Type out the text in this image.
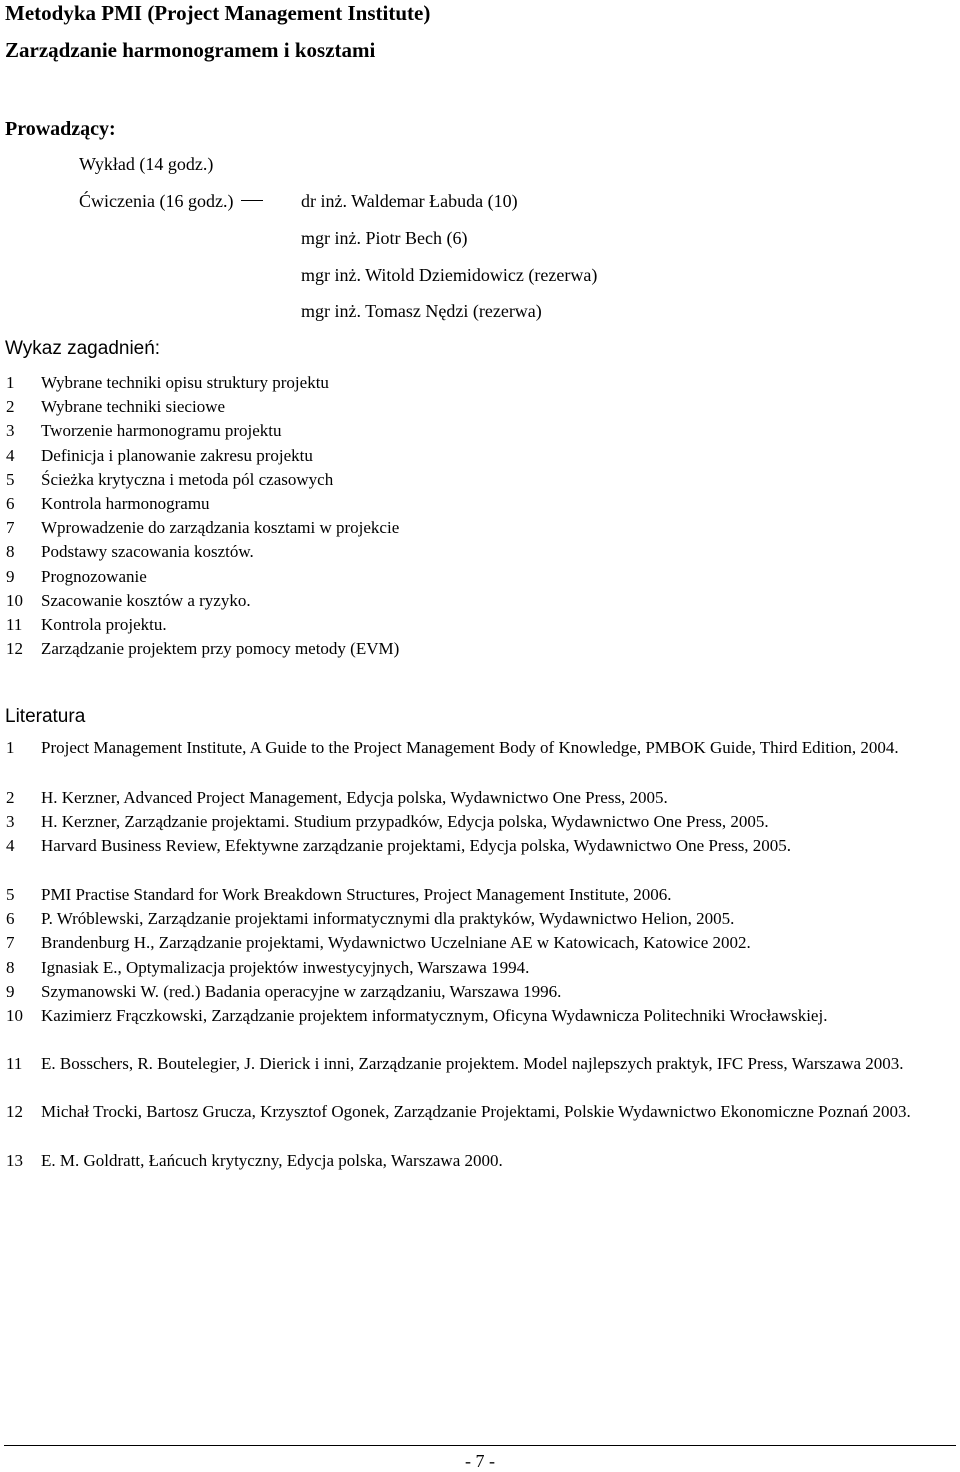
Metodyka PMI (Project Management Institute)
Zarządzanie harmonogramem i kosztami
Prowadzący:
Wykład (14 godz.)
Ćwiczenia (16 godz.)	dr inż. Waldemar Łabuda (10)
mgr inż. Piotr Bech (6)
mgr inż. Witold Dziemidowicz (rezerwa)
mgr inż. Tomasz Nędzi (rezerwa)
Wykaz zagadnień:
1 Wybrane techniki opisu struktury projektu
2 Wybrane techniki sieciowe
3 Tworzenie harmonogramu projektu
4 Definicja i planowanie zakresu projektu
5 Ścieżka krytyczna i metoda pól czasowych
6 Kontrola harmonogramu
7 Wprowadzenie do zarządzania kosztami w projekcie
8 Podstawy szacowania kosztów.
9 Prognozowanie
10 Szacowanie kosztów a ryzyko.
11 Kontrola projektu.
12 Zarządzanie projektem przy pomocy metody (EVM)
Literatura
1 Project Management Institute, A Guide to the Project Management Body of Knowledge, PMBOK Guide, Third Edition, 2004.
2 H. Kerzner, Advanced Project Management, Edycja polska, Wydawnictwo One Press, 2005.
3 H. Kerzner, Zarządzanie projektami. Studium przypadków, Edycja polska, Wydawnictwo One Press, 2005.
4 Harvard Business Review, Efektywne zarządzanie projektami, Edycja polska, Wydawnictwo One Press, 2005.
5 PMI Practise Standard for Work Breakdown Structures, Project Management Institute, 2006.
6 P. Wróblewski, Zarządzanie projektami informatycznymi dla praktyków, Wydawnictwo Helion, 2005.
7 Brandenburg H., Zarządzanie projektami, Wydawnictwo Uczelniane AE w Katowicach, Katowice 2002.
8 Ignasiak E., Optymalizacja projektów inwestycyjnych, Warszawa 1994.
9 Szymanowski W. (red.) Badania operacyjne w zarządzaniu, Warszawa 1996.
10 Kazimierz Frączkowski, Zarządzanie projektem informatycznym, Oficyna Wydawnicza Politechniki Wrocławskiej.
11 E. Bosschers, R. Boutelegier, J. Dierick i inni, Zarządzanie projektem. Model najlepszych praktyk, IFC Press, Warszawa 2003.
12 Michał Trocki, Bartosz Grucza, Krzysztof Ogonek, Zarządzanie Projektami, Polskie Wydawnictwo Ekonomiczne Poznań 2003.
13 E. M. Goldratt, Łańcuch krytyczny, Edycja polska, Warszawa 2000.
- 7 -
